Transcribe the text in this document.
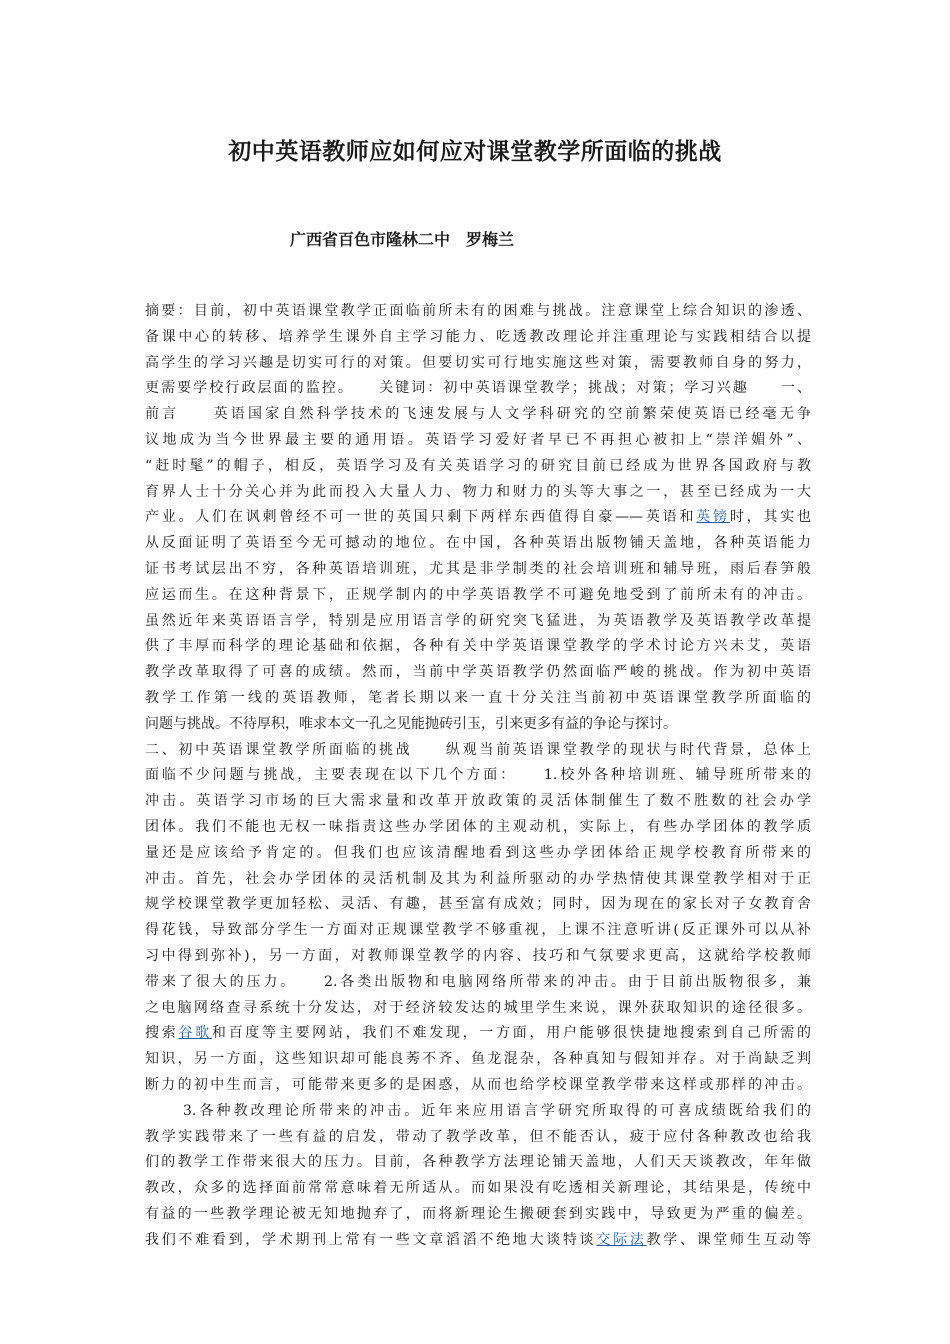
初中英语教师应如何应对课堂教学所面临的挑战
广西省百色市隆林二中 罗梅兰
摘要：目前，初中英语课堂教学正面临前所未有的困难与挑战。注意课堂上综合知识的渗透、
备课中心的转移、培养学生课外自主学习能力、吃透教改理论并注重理论与实践相结合以提
高学生的学习兴趣是切实可行的对策。但要切实可行地实施这些对策，需要教师自身的努力，
更需要学校行政层面的监控。　　关键词：初中英语课堂教学；挑战；对策；学习兴趣　　一、
前言　　英语国家自然科学技术的飞速发展与人文学科研究的空前繁荣使英语已经毫无争
议地成为当今世界最主要的通用语。英语学习爱好者早已不再担心被扣上“崇洋媚外”、
“赶时髦”的帽子，相反，英语学习及有关英语学习的研究目前已经成为世界各国政府与教
育界人士十分关心并为此而投入大量人力、物力和财力的头等大事之一，甚至已经成为一大
产业。人们在讽刺曾经不可一世的英国只剩下两样东西值得自豪——英语和英镑时，其实也
从反面证明了英语至今无可撼动的地位。在中国，各种英语出版物铺天盖地，各种英语能力
证书考试层出不穷，各种英语培训班，尤其是非学制类的社会培训班和辅导班，雨后春笋般
应运而生。在这种背景下，正规学制内的中学英语教学不可避免地受到了前所未有的冲击。
虽然近年来英语语言学，特别是应用语言学的研究突飞猛进，为英语教学及英语教学改革提
供了丰厚而科学的理论基础和依据，各种有关中学英语课堂教学的学术讨论方兴未艾，英语
教学改革取得了可喜的成绩。然而，当前中学英语教学仍然面临严峻的挑战。作为初中英语
教学工作第一线的英语教师，笔者长期以来一直十分关注当前初中英语课堂教学所面临的
问题与挑战。不待厚积，唯求本文一孔之见能抛砖引玉，引来更多有益的争论与探讨。
二、初中英语课堂教学所面临的挑战　　纵观当前英语课堂教学的现状与时代背景，总体上
面临不少问题与挑战，主要表现在以下几个方面：　　1.校外各种培训班、辅导班所带来的
冲击。英语学习市场的巨大需求量和改革开放政策的灵活体制催生了数不胜数的社会办学
团体。我们不能也无权一味指责这些办学团体的主观动机，实际上，有些办学团体的教学质
量还是应该给予肯定的。但我们也应该清醒地看到这些办学团体给正规学校教育所带来的
冲击。首先，社会办学团体的灵活机制及其为利益所驱动的办学热情使其课堂教学相对于正
规学校课堂教学更加轻松、灵活、有趣，甚至富有成效；同时，因为现在的家长对子女教育舍
得花钱，导致部分学生一方面对正规课堂教学不够重视，上课不注意听讲(反正课外可以从补
习中得到弥补)，另一方面，对教师课堂教学的内容、技巧和气氛要求更高，这就给学校教师
带来了很大的压力。　　2.各类出版物和电脑网络所带来的冲击。由于目前出版物很多，兼
之电脑网络查寻系统十分发达，对于经济较发达的城里学生来说，课外获取知识的途径很多。
搜索谷歌和百度等主要网站，我们不难发现，一方面，用户能够很快捷地搜索到自己所需的
知识，另一方面，这些知识却可能良莠不齐、鱼龙混杂，各种真知与假知并存。对于尚缺乏判
断力的初中生而言，可能带来更多的是困惑，从而也给学校课堂教学带来这样或那样的冲击。
3.各种教改理论所带来的冲击。近年来应用语言学研究所取得的可喜成绩既给我们的
教学实践带来了一些有益的启发，带动了教学改革，但不能否认，疲于应付各种教改也给我
们的教学工作带来很大的压力。目前，各种教学方法理论铺天盖地，人们天天谈教改，年年做
教改，众多的选择面前常常意味着无所适从。而如果没有吃透相关新理论，其结果是，传统中
有益的一些教学理论被无知地抛弃了，而将新理论生搬硬套到实践中，导致更为严重的偏差。
我们不难看到，学术期刊上常有一些文章滔滔不绝地大谈特谈交际法教学、课堂师生互动等
